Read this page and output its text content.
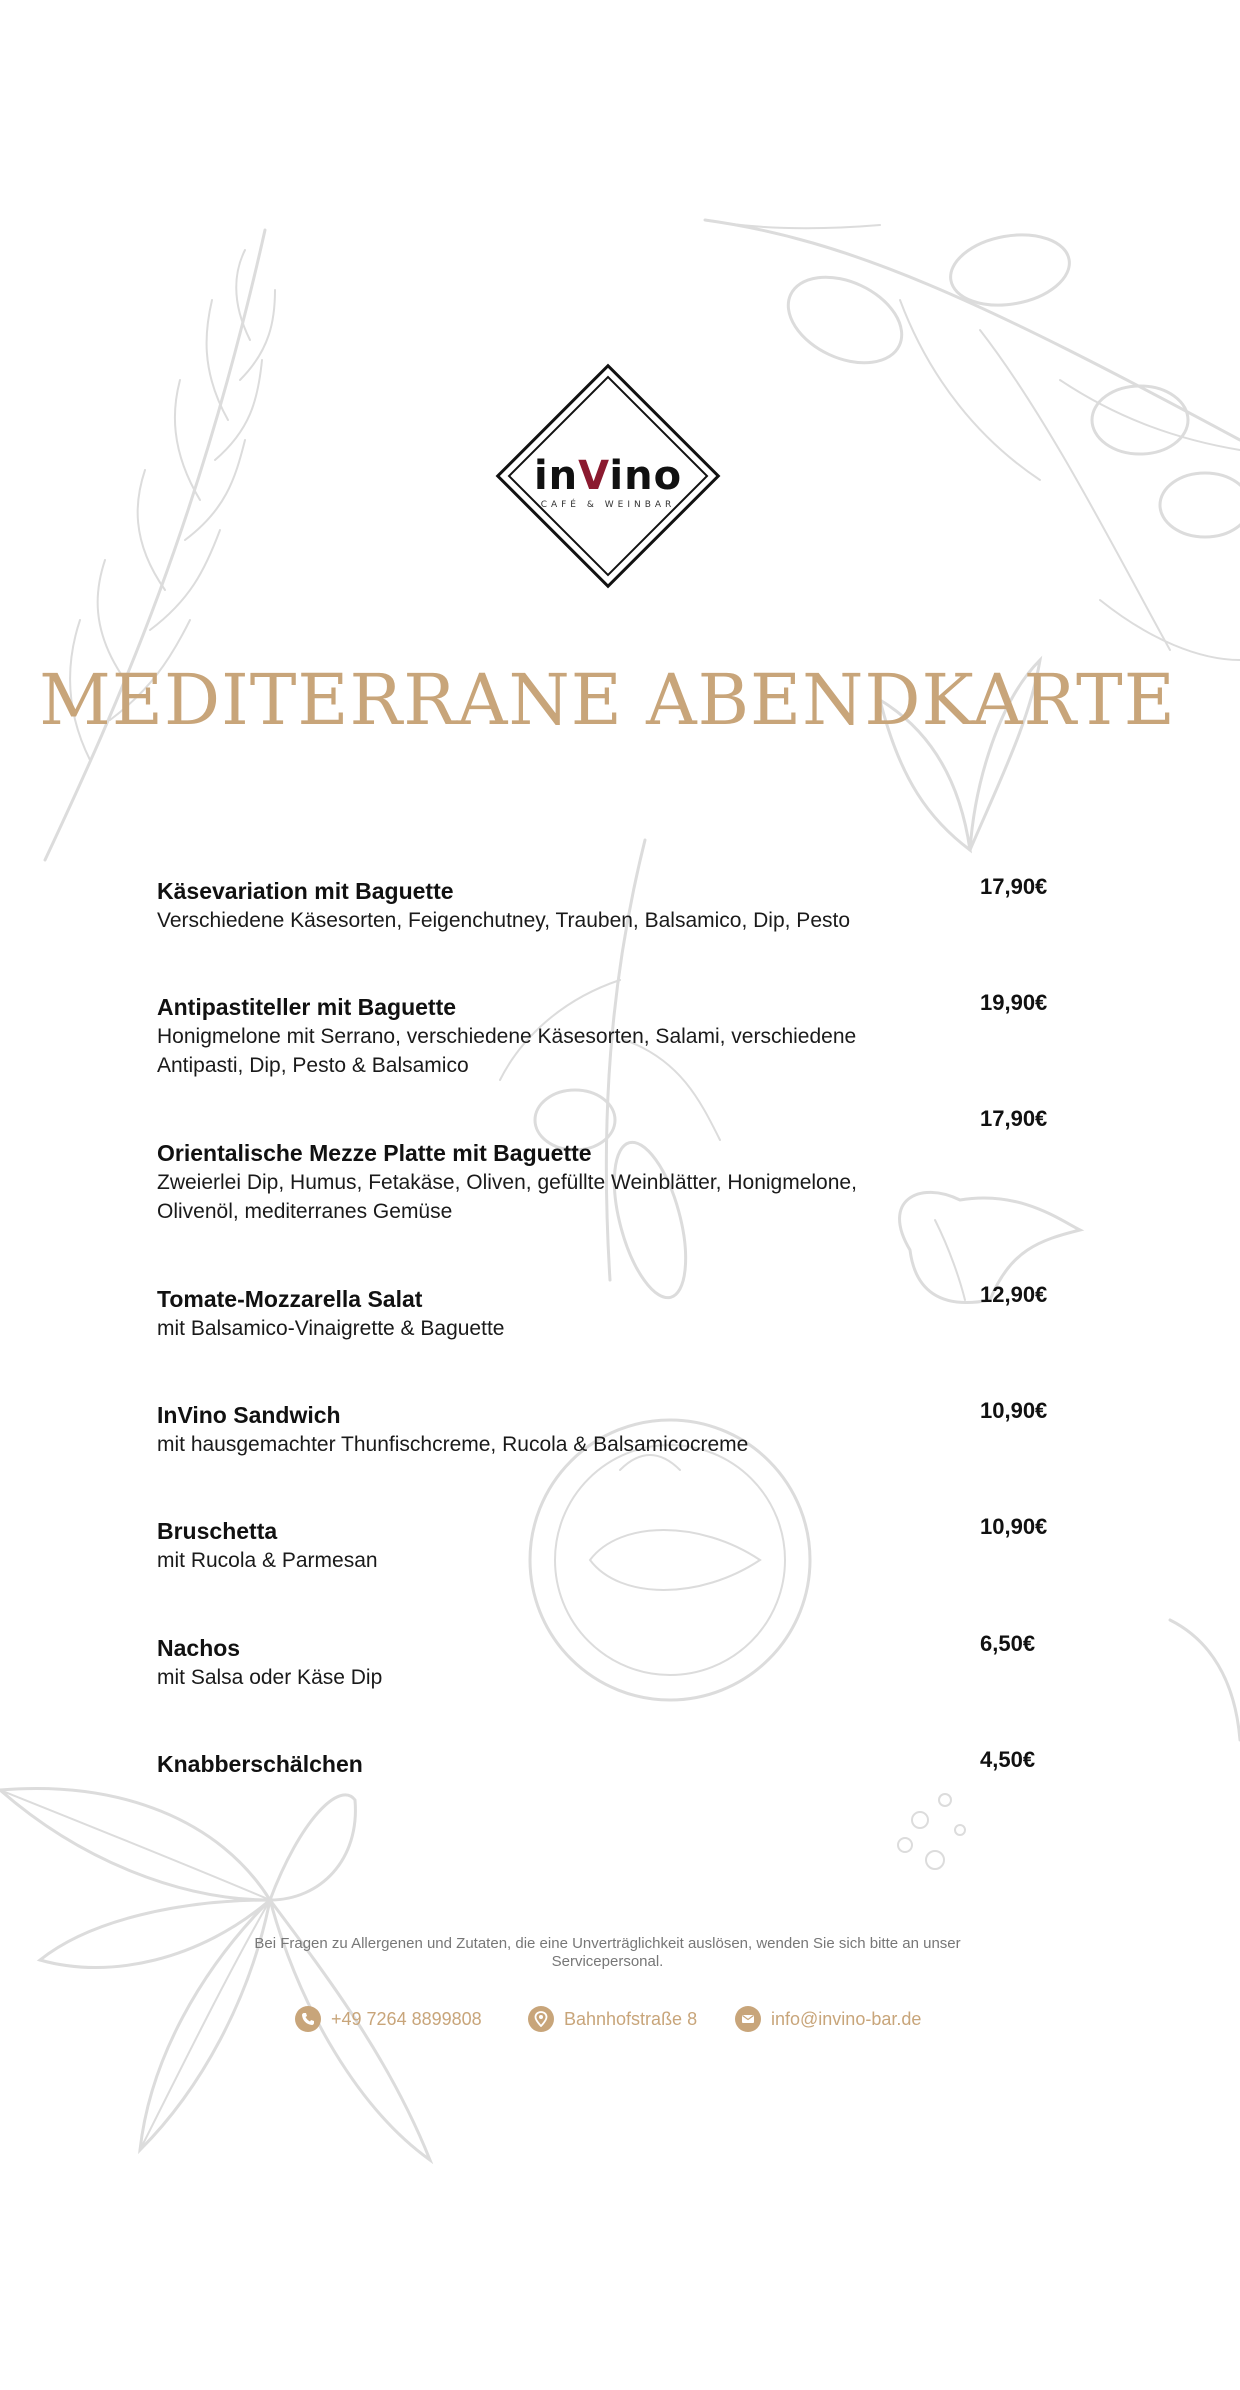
inVino
CAFÉ & WEINBAR
MEDITERRANE ABENDKARTE
Käsevariation mit Baguette
Verschiedene Käsesorten, Feigenchutney, Trauben, Balsamico, Dip, Pesto
17,90€
Antipastiteller mit Baguette
Honigmelone mit Serrano, verschiedene Käsesorten, Salami, verschiedene Antipasti, Dip, Pesto & Balsamico
19,90€
Orientalische Mezze Platte mit Baguette
Zweierlei Dip, Humus, Fetakäse, Oliven, gefüllte Weinblätter, Honigmelone, Olivenöl, mediterranes Gemüse
17,90€
Tomate-Mozzarella Salat
mit Balsamico-Vinaigrette & Baguette
12,90€
InVino Sandwich
mit hausgemachter Thunfischcreme, Rucola & Balsamicocreme
10,90€
Bruschetta
mit Rucola & Parmesan
10,90€
Nachos
mit Salsa oder Käse Dip
6,50€
Knabberschälchen	4,50€
Bei Fragen zu Allergenen und Zutaten, die eine Unverträglichkeit auslösen, wenden Sie sich bitte an unser Servicepersonal.
+49 7264 8899808	Bahnhofstraße 8	info@invino-bar.de
